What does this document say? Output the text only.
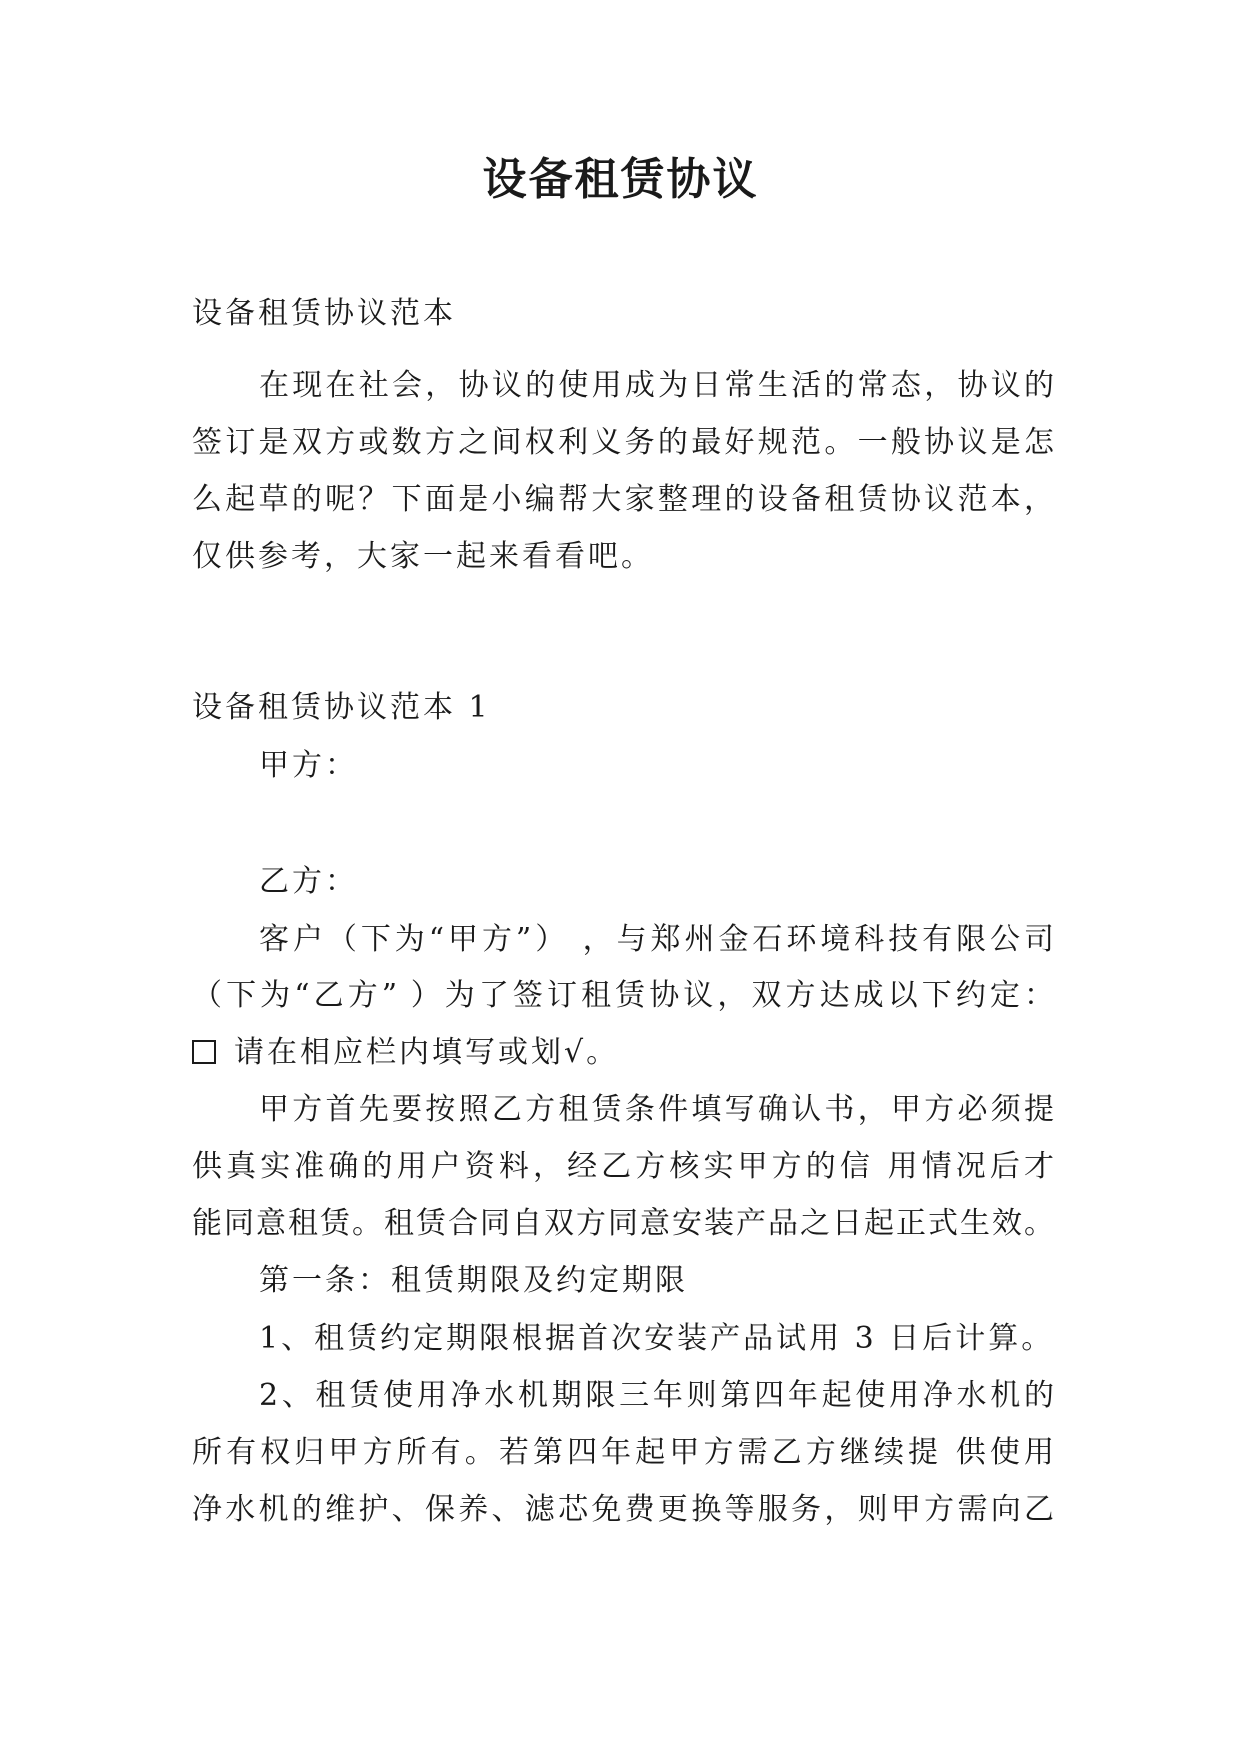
设备租赁协议
设备租赁协议范本
在现在社会，协议的使用成为日常生活的常态，协议的
签订是双方或数方之间权利义务的最好规范。一般协议是怎
么起草的呢？下面是小编帮大家整理的设备租赁协议范本，
仅供参考，大家一起来看看吧。
设备租赁协议范本 1
甲方：
乙方：
客户（下为“甲方”） ，与郑州金石环境科技有限公司
（下为“乙方” ）为了签订租赁协议，双方达成以下约定：
请在相应栏内填写或划√。
甲方首先要按照乙方租赁条件填写确认书，甲方必须提
供真实准确的用户资料，经乙方核实甲方的信 用情况后才
能同意租赁。租赁合同自双方同意安装产品之日起正式生效。
第一条：租赁期限及约定期限
1、租赁约定期限根据首次安装产品试用 3 日后计算。
2、租赁使用净水机期限三年则第四年起使用净水机的
所有权归甲方所有。若第四年起甲方需乙方继续提 供使用
净水机的维护、保养、滤芯免费更换等服务，则甲方需向乙
